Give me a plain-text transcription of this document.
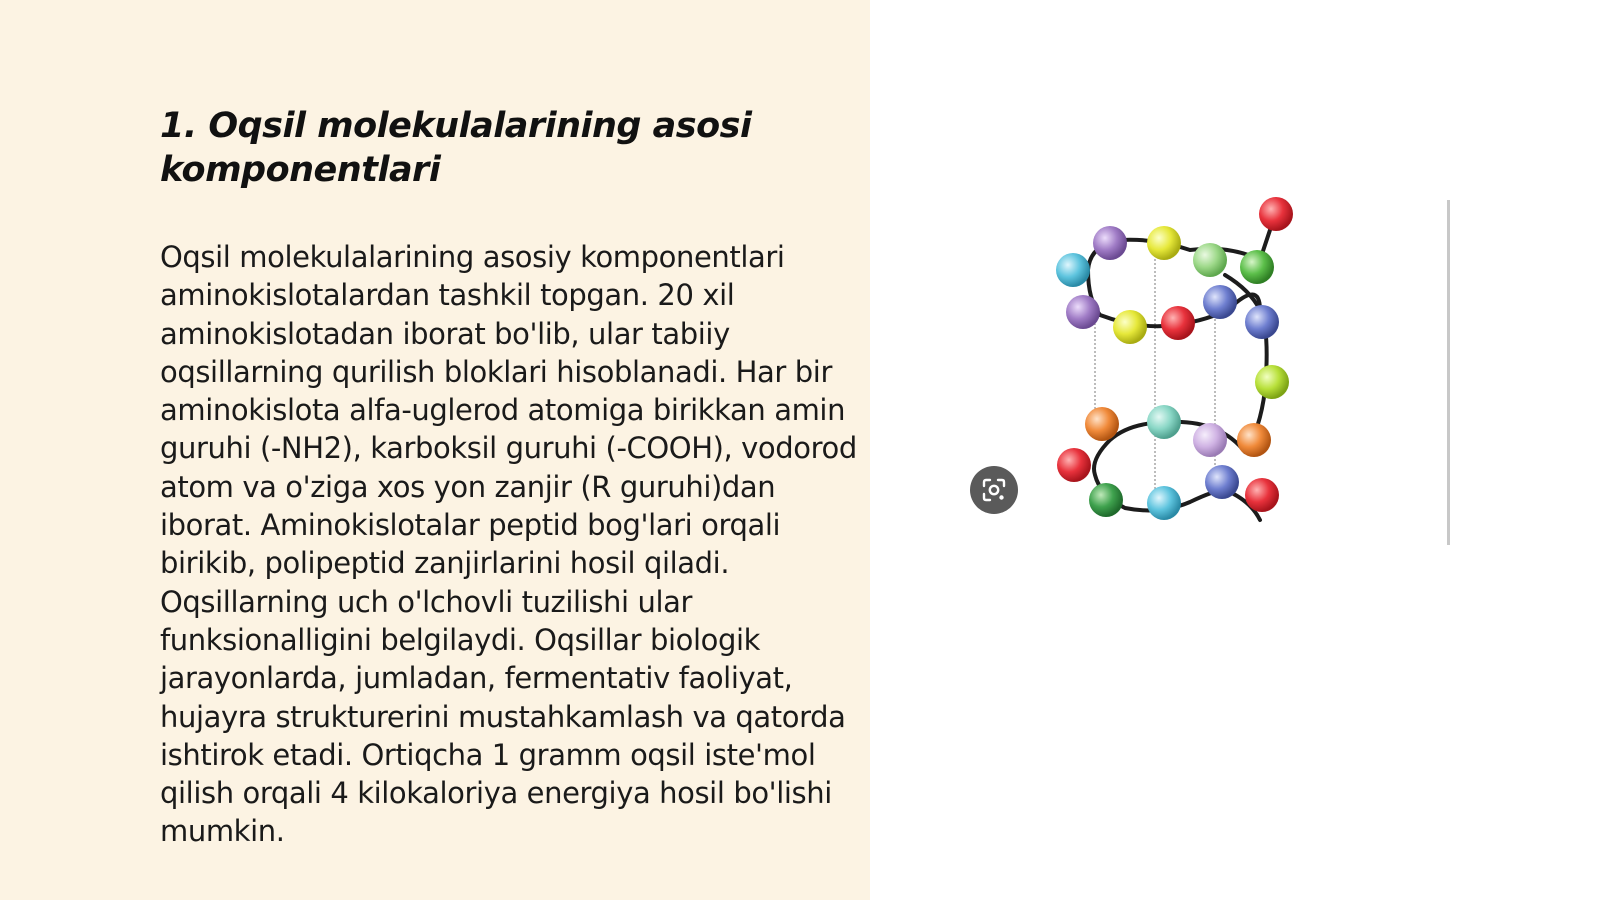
1. Oqsil molekulalarining asosi komponentlari
Oqsil molekulalarining asosiy komponentlari aminokislotalardan tashkil topgan. 20 xil aminokislotadan iborat bo'lib, ular tabiiy oqsillarning qurilish bloklari hisoblanadi. Har bir aminokislota alfa-uglerod atomiga birikkan amin guruhi (-NH2), karboksil guruhi (-COOH), vodorod atom va o'ziga xos yon zanjir (R guruhi)dan iborat. Aminokislotalar peptid bog'lari orqali birikib, polipeptid zanjirlarini hosil qiladi. Oqsillarning uch o'lchovli tuzilishi ular funksionalligini belgilaydi. Oqsillar biologik jarayonlarda, jumladan, fermentativ faoliyat, hujayra strukturerini mustahkamlash va qatorda ishtirok etadi. Ortiqcha 1 gramm oqsil iste'mol qilish orqali 4 kilokaloriya energiya hosil bo'lishi mumkin.
